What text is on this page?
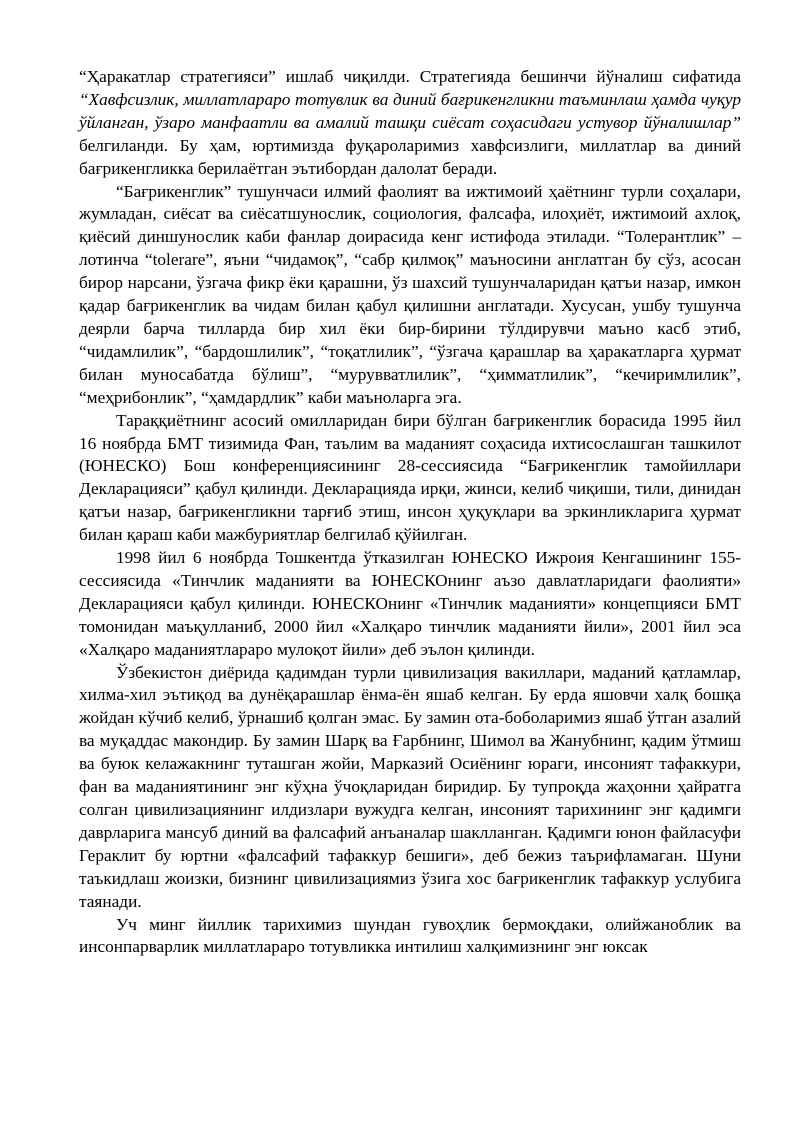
“Ҳаракатлар стратегияси” ишлаб чиқилди. Стратегияда бешинчи йўналиш сифатида “Хавфсизлик, миллатлараро тотувлик ва диний бағрикенгликни таъминлаш ҳамда чуқур ўйланган, ўзаро манфаатли ва амалий ташқи сиёсат соҳасидаги устувор йўналишлар” белгиланди. Бу ҳам, юртимизда фуқароларимиз хавфсизлиги, миллатлар ва диний бағрикенгликка берилаётган эътибордан далолат беради.

“Бағрикенглик” тушунчаси илмий фаолият ва ижтимоий ҳаётнинг турли соҳалари, жумладан, сиёсат ва сиёсатшунослик, социология, фалсафа, илоҳиёт, ижтимоий ахлоқ, қиёсий диншунослик каби фанлар доирасида кенг истифода этилади. “Толерантлик” – лотинча “tolerare”, яъни “чидамоқ”, “сабр қилмоқ” маъносини англатган бу сўз, асосан бирор нарсани, ўзгача фикр ёки қарашни, ўз шахсий тушунчаларидан қатъи назар, имкон қадар бағрикенглик ва чидам билан қабул қилишни англатади. Хусусан, ушбу тушунча деярли барча тилларда бир хил ёки бир-бирини тўлдирувчи маъно касб этиб, “чидамлилик”, “бардошлилик”, “тоқатлилик”, “ўзгача қарашлар ва ҳаракатларга ҳурмат билан муносабатда бўлиш”, “мурувватлилик”, “ҳимматлилик”, “кечиримлилик”, “меҳрибонлик”, “ҳамдардлик” каби маъноларга эга.

Тараққиётнинг асосий омилларидан бири бўлган бағрикенглик борасида 1995 йил 16 ноябрда БМТ тизимида Фан, таълим ва маданият соҳасида ихтисослашган ташкилот (ЮНЕСКО) Бош конференциясининг 28-сессиясида “Бағрикенглик тамойиллари Декларацияси” қабул қилинди. Декларацияда ирқи, жинси, келиб чиқиши, тили, динидан қатъи назар, бағрикенгликни тарғиб этиш, инсон ҳуқуқлари ва эркинликларига ҳурмат билан қараш каби мажбуриятлар белгилаб қўйилган.

1998 йил 6 ноябрда Тошкентда ўтказилган ЮНЕСКО Ижроия Кенгашининг 155-сессиясида «Тинчлик маданияти ва ЮНЕСКОнинг аъзо давлатларидаги фаолияти» Декларацияси қабул қилинди. ЮНЕСКОнинг «Тинчлик маданияти» концепцияси БМТ томонидан маъқулланиб, 2000 йил «Халқаро тинчлик маданияти йили», 2001 йил эса «Халқаро маданиятлараро мулоқот йили» деб эълон қилинди.

Ўзбекистон диёрида қадимдан турли цивилизация вакиллари, маданий қатламлар, хилма-хил эътиқод ва дунёқарашлар ёнма-ён яшаб келган. Бу ерда яшовчи халқ бошқа жойдан кўчиб келиб, ўрнашиб қолган эмас. Бу замин ота-боболаримиз яшаб ўтган азалий ва муқаддас макондир. Бу замин Шарқ ва Ғарбнинг, Шимол ва Жанубнинг, қадим ўтмиш ва буюк келажакнинг туташган жойи, Марказий Осиёнинг юраги, инсоният тафаккури, фан ва маданиятининг энг кўҳна ўчоқларидан биридир. Бу тупроқда жаҳонни ҳайратга солган цивилизациянинг илдизлари вужудга келган, инсоният тарихининг энг қадимги даврларига мансуб диний ва фалсафий анъаналар шаклланган. Қадимги юнон файласуфи Гераклит бу юртни «фалсафий тафаккур бешиги», деб бежиз таърифламаган. Шуни таъкидлаш жоизки, бизнинг цивилизациямиз ўзига хос бағрикенглик тафаккур услубига таянади.

Уч минг йиллик тарихимиз шундан гувоҳлик бермоқдаки, олийжаноблик ва инсонпарварлик миллатлараро тотувликка интилиш халқимизнинг энг юксак
